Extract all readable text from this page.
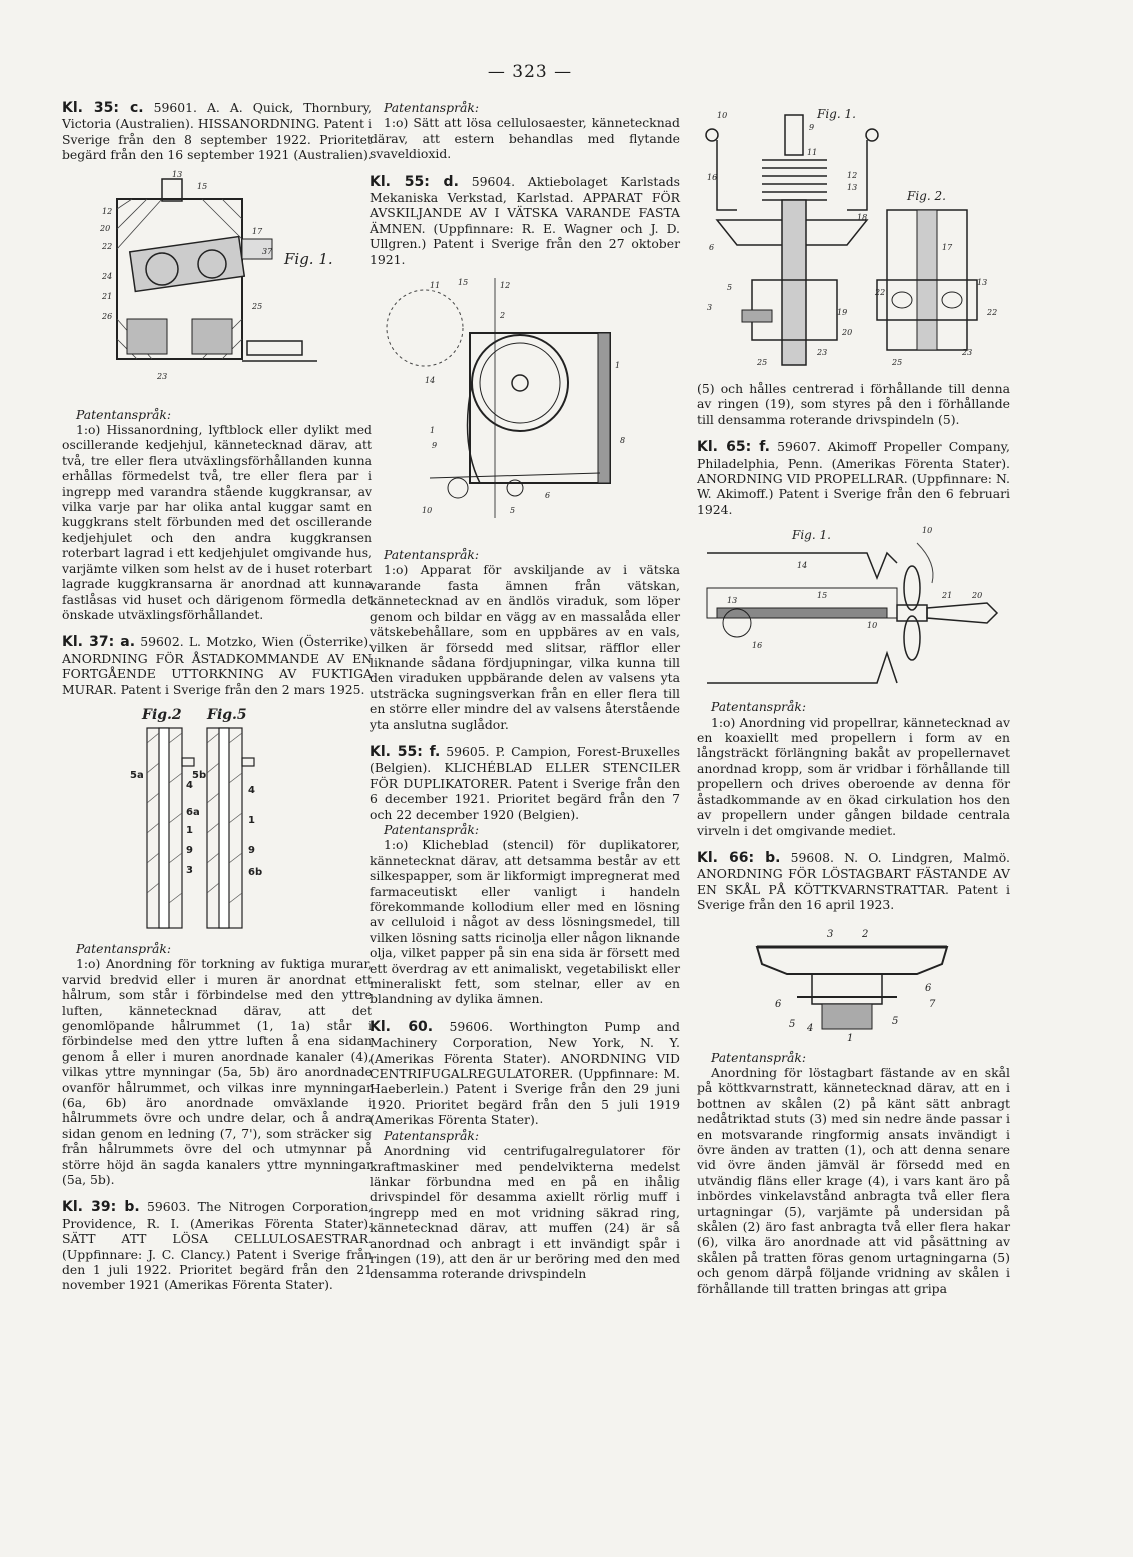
— 323 —

Kl. 35: c. 59601. A. A. Quick, Thornbury, Victoria (Australien). HISSANORDNING. Patent i Sverige från den 8 september 1922. Prioritet begärd från den 16 september 1921 (Australien).

12
20
22
24
21
26
17
37
25
13
15
23
Fig. 1.

Patentanspråk:

1:o) Hissanordning, lyftblock eller dylikt med oscillerande kedjehjul, kännetecknad därav, att två, tre eller flera utväxlingsförhållanden kunna erhållas förmedelst två, tre eller flera par i ingrepp med varandra stående kuggkransar, av vilka varje par har olika antal kuggar samt en kuggkrans stelt förbunden med det oscillerande kedjehjulet och den andra kuggkransen roterbart lagrad i ett kedjehjulet omgivande hus, varjämte vilken som helst av de i huset roterbart lagrade kuggkransarna är anordnad att kunna fastlåsas vid huset och därigenom förmedla det önskade utväxlingsförhållandet.

Kl. 37: a. 59602. L. Motzko, Wien (Österrike). ANORDNING FÖR ÅSTADKOMMANDE AV EN FORTGÅENDE UTTORKNING AV FUKTIGA MURAR. Patent i Sverige från den 2 mars 1925.

Fig.2 Fig.5
5a
4
6a
1
9
3
5b
4
1
9
6b

Patentanspråk:

1:o) Anordning för torkning av fuktiga murar, varvid bredvid eller i muren är anordnat ett hålrum, som står i förbindelse med den yttre luften, kännetecknad därav, att det genomlöpande hålrummet (1, 1a) står i förbindelse med den yttre luften å ena sidan genom å eller i muren anordnade kanaler (4), vilkas yttre mynningar (5a, 5b) äro anordnade ovanför hålrummet, och vilkas inre mynningar (6a, 6b) äro anordnade omväxlande i hålrummets övre och undre delar, och å andra sidan genom en ledning (7, 7'), som sträcker sig från hålrummets övre del och utmynnar på större höjd än sagda kanalers yttre mynningar (5a, 5b).

Kl. 39: b. 59603. The Nitrogen Corporation, Providence, R. I. (Amerikas Förenta Stater). SÄTT ATT LÖSA CELLULOSAESTRAR. (Uppfinnare: J. C. Clancy.) Patent i Sverige från den 1 juli 1922. Prioritet begärd från den 21 november 1921 (Amerikas Förenta Stater).

Patentanspråk:

1:o) Sätt att lösa cellulosaester, kännetecknad därav, att estern behandlas med flytande svaveldioxid.

Kl. 55: d. 59604. Aktiebolaget Karlstads Mekaniska Verkstad, Karlstad. APPARAT FÖR AVSKILJANDE AV I VÄTSKA VARANDE FASTA ÄMNEN. (Uppfinnare: R. E. Wagner och J. D. Ullgren.) Patent i Sverige från den 27 oktober 1921.

11 15	12
14
1
9
1
8
5
10
6
2

Patentanspråk:

1:o) Apparat för avskiljande av i vätska varande fasta ämnen från vätskan, kännetecknad av en ändlös viraduk, som löper genom och bildar en vägg av en massalåda eller vätskebehållare, som en uppbäres av en vals, vilken är försedd med slitsar, räfflor eller liknande sådana fördjupningar, vilka kunna till den viraduken uppbärande delen av valsens yta utsträcka sugningsverkan från en eller flera till en större eller mindre del av valsens återstående yta anslutna suglådor.

Kl. 55: f. 59605. P. Campion, Forest-Bruxelles (Belgien). KLICHÉBLAD ELLER STENCILER FÖR DUPLIKATORER. Patent i Sverige från den 6 december 1921. Prioritet begärd från den 7 och 22 december 1920 (Belgien).

Patentanspråk:

1:o) Klicheblad (stencil) för duplikatorer, kännetecknat därav, att detsamma består av ett silkespapper, som är likformigt impregnerat med farmaceutiskt eller vanligt i handeln förekommande kollodium eller med en lösning av celluloid i något av dess lösningsmedel, till vilken lösning satts ricinolja eller någon liknande olja, vilket papper på sin ena sida är försett med ett överdrag av ett animaliskt, vegetabiliskt eller mineraliskt fett, som stelnar, eller av en blandning av dylika ämnen.

Kl. 60. 59606. Worthington Pump and Machinery Corporation, New York, N. Y. (Amerikas Förenta Stater). ANORDNING VID CENTRIFUGALREGULATORER. (Uppfinnare: M. Haeberlein.) Patent i Sverige från den 29 juni 1920. Prioritet begärd från den 5 juli 1919 (Amerikas Förenta Stater).

Patentanspråk:

Anordning vid centrifugalregulatorer för kraftmaskiner med pendelvikterna medelst länkar förbundna med en på en ihålig drivspindel för desamma axiellt rörlig muff i ingrepp med en mot vridning säkrad ring, kännetecknad därav, att muffen (24) är så anordnad och anbragt i ett invändigt spår i ringen (19), att den är ur beröring med den med densamma roterande drivspindeln

Fig. 1.
Fig. 2.
10
9
11
12
13
16
18
6
5
3
19
20
25
23
17
13
22
22
25
23

(5) och hålles centrerad i förhållande till denna av ringen (19), som styres på den i förhållande till densamma roterande drivspindeln (5).

Kl. 65: f. 59607. Akimoff Propeller Company, Philadelphia, Penn. (Amerikas Förenta Stater). ANORDNING VID PROPELLRAR. (Uppfinnare: N. W. Akimoff.) Patent i Sverige från den 6 februari 1924.

Fig. 1.
14
15
13
10
21 20
10
16

Patentanspråk:

1:o) Anordning vid propellrar, kännetecknad av en koaxiellt med propellern i form av en långsträckt förlängning bakåt av propellernavet anordnad kropp, som är vridbar i förhållande till propellern och drives oberoende av denna för åstadkommande av en ökad cirkulation hos den av propellern under gången bildade centrala virveln i det omgivande mediet.

Kl. 66: b. 59608. N. O. Lindgren, Malmö. ANORDNING FÖR LÖSTAGBART FÄSTANDE AV EN SKÅL PÅ KÖTTKVARNSTRATTAR. Patent i Sverige från den 16 april 1923.

3	2
6
6
7
5 4
1
5

Patentanspråk:

Anordning för löstagbart fästande av en skål på köttkvarnstratt, kännetecknad därav, att en i bottnen av skålen (2) på känt sätt anbragt nedåtriktad stuts (3) med sin nedre ände passar i en motsvarande ringformig ansats invändigt i övre änden av tratten (1), och att denna senare vid övre änden jämväl är försedd med en utvändig fläns eller krage (4), i vars kant äro på inbördes vinkelavstånd anbragta två eller flera urtagningar (5), varjämte på undersidan på skålen (2) äro fast anbragta två eller flera hakar (6), vilka äro anordnade att vid påsättning av skålen på tratten föras genom urtagningarna (5) och genom därpå följande vridning av skålen i förhållande till tratten bringas att gripa
